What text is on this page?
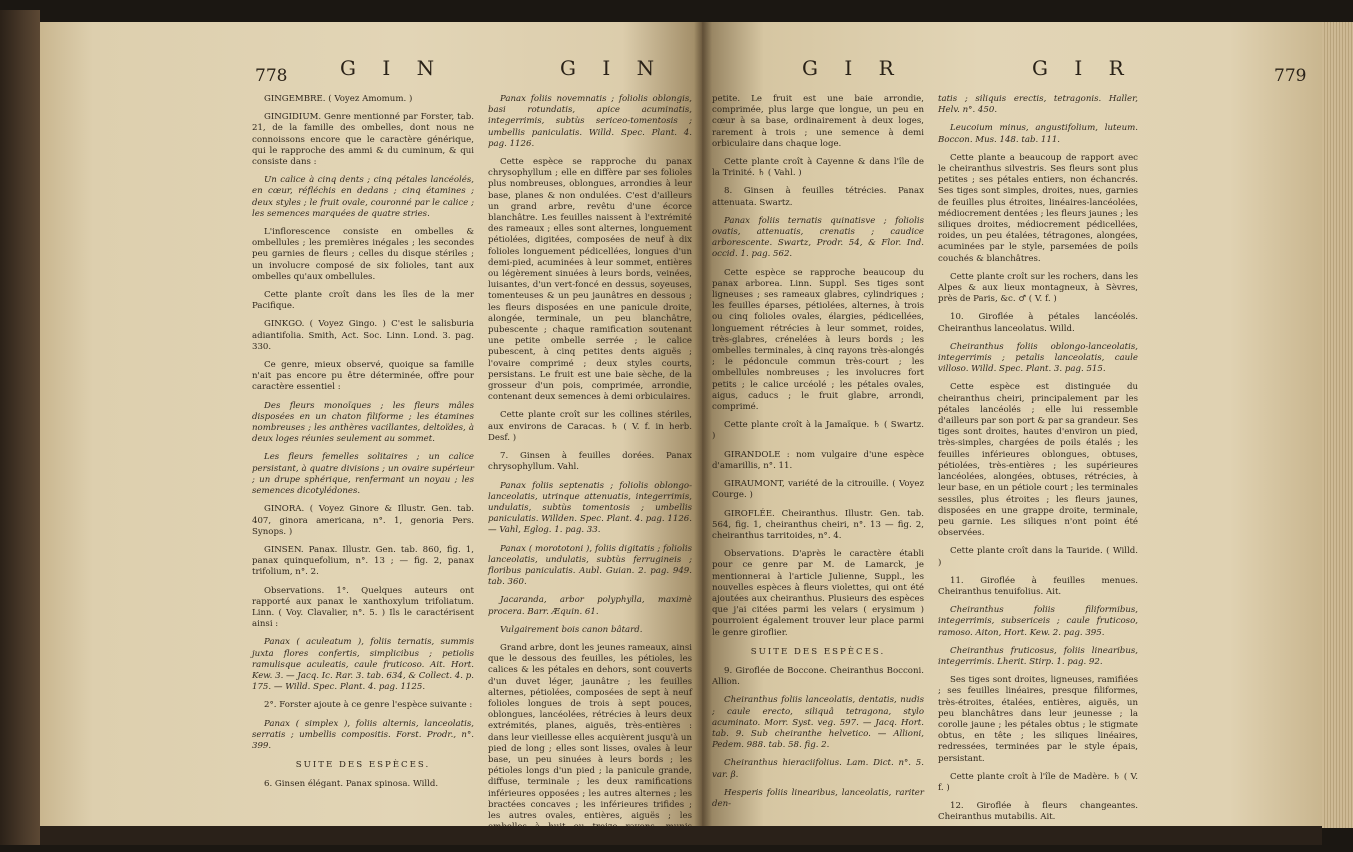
778	G I N	G I N

GINGEMBRE. ( Voyez Amomum. )

GINGIDIUM. Genre mentionné par Forster, tab. 21, de la famille des ombelles, dont nous ne connoissons encore que le caractère générique, qui le rapproche des ammi & du cuminum, & qui consiste dans :

Un calice à cinq dents ; cinq pétales lancéolés, en cœur, réfléchis en dedans ; cinq étamines ; deux styles ; le fruit ovale, couronné par le calice ; les semences marquées de quatre stries.

L'inflorescence consiste en ombelles & ombellules ; les premières inégales ; les secondes peu garnies de fleurs ; celles du disque stériles ; un involucre composé de six folioles, tant aux ombelles qu'aux ombellules.

Cette plante croît dans les îles de la mer Pacifique.

GINKGO. ( Voyez Gingo. ) C'est le salisburia adiantifolia. Smith, Act. Soc. Linn. Lond. 3. pag. 330.

Ce genre, mieux observé, quoique sa famille n'ait pas encore pu être déterminée, offre pour caractère essentiel :

Des fleurs monoïques ; les fleurs mâles disposées en un chaton filiforme ; les étamines nombreuses ; les anthères vacillantes, deltoïdes, à deux loges réunies seulement au sommet.

Les fleurs femelles solitaires ; un calice persistant, à quatre divisions ; un ovaire supérieur ; un drupe sphérique, renfermant un noyau ; les semences dicotylédones.

GINORA. ( Voyez Ginore & Illustr. Gen. tab. 407, ginora americana, n°. 1, genoria Pers. Synops. )

GINSEN. Panax. Illustr. Gen. tab. 860, fig. 1, panax quinquefolium, n°. 13 ; — fig. 2, panax trifolium, n°. 2.

Observations. 1°. Quelques auteurs ont rapporté aux panax le xanthoxylum trifoliatum. Linn. ( Voy. Clavalier, n°. 5. ) Ils le caractérisent ainsi :

Panax ( aculeatum ), foliis ternatis, summis juxta flores confertis, simplicibus ; petiolis ramulisque aculeatis, caule fruticoso. Ait. Hort. Kew. 3. — Jacq. Ic. Rar. 3. tab. 634, & Collect. 4. p. 175. — Willd. Spec. Plant. 4. pag. 1125.

2°. Forster ajoute à ce genre l'espèce suivante :

Panax ( simplex ), foliis alternis, lanceolatis, serratis ; umbellis compositis. Forst. Prodr., n°. 399.

SUITE DES ESPÈCES.

6. Ginsen élégant. Panax spinosa. Willd.

Panax foliis novemnatis ; foliolis oblongis, basi rotundatis, apice acuminatis, integerrimis, subtùs sericeo-tomentosis ; umbellis paniculatis. Willd. Spec. Plant. 4. pag. 1126.

Cette espèce se rapproche du panax chrysophyllum ; elle en diffère par ses folioles plus nombreuses, oblongues, arrondies à leur base, planes & non ondulées. C'est d'ailleurs un grand arbre, revêtu d'une écorce blanchâtre. Les feuilles naissent à l'extrémité des rameaux ; elles sont alternes, longuement pétiolées, digitées, composées de neuf à dix folioles longuement pédicellées, longues d'un demi-pied, acuminées à leur sommet, entières ou légèrement sinuées à leurs bords, veinées, luisantes, d'un vert-foncé en dessus, soyeuses, tomenteuses & un peu jaunâtres en dessous ; les fleurs disposées en une panicule droite, alongée, terminale, un peu blanchâtre, pubescente ; chaque ramification soutenant une petite ombelle serrée ; le calice pubescent, à cinq petites dents aiguës ; l'ovaire comprimé ; deux styles courts, persistans. Le fruit est une baie sèche, de la grosseur d'un pois, comprimée, arrondie, contenant deux semences à demi orbiculaires.

Cette plante croît sur les collines stériles, aux environs de Caracas. ♄ ( V. f. in herb. Desf. )

7. Ginsen à feuilles dorées. Panax chrysophyllum. Vahl.

Panax foliis septenatis ; foliolis oblongo-lanceolatis, utrinque attenuatis, integerrimis, undulatis, subtùs tomentosis ; umbellis paniculatis. Willden. Spec. Plant. 4. pag. 1126. — Vahl, Eglog. 1. pag. 33.

Panax ( morototoni ), foliis digitatis ; foliolis lanceolatis, undulatis, subtùs ferrugineis ; floribus paniculatis. Aubl. Guian. 2. pag. 949. tab. 360.

Jacaranda, arbor polyphylla, maximè procera. Barr. Æquin. 61.

Vulgairement bois canon bâtard.

Grand arbre, dont les jeunes rameaux, ainsi que le dessous des feuilles, les pétioles, les calices & les pétales en dehors, sont couverts d'un duvet léger, jaunâtre ; les feuilles alternes, pétiolées, composées de sept à neuf folioles longues de trois à sept pouces, oblongues, lancéolées, rétrécies à leurs deux extrémités, planes, aiguës, très-entières : dans leur vieillesse elles acquièrent jusqu'à un pied de long ; elles sont lisses, ovales à leur base, un peu sinuées à leurs bords ; les pétioles longs d'un pied ; la panicule grande, diffuse, terminale ; les deux ramifications inférieures opposées ; les autres alternes ; les bractées concaves ; les inférieures trifides ; les autres ovales, entières, aiguës ; les

G I R	G I R	779

petite. Le fruit est une baie arrondie, comprimée, plus large que longue, un peu en cœur à sa base, ordinairement à deux loges, rarement à trois ; une semence à demi orbiculaire dans chaque loge.

Cette plante croît à Cayenne & dans l'île de la Trinité. ♄ ( Vahl. )

8. Ginsen à feuilles tétrécies. Panax attenuata. Swartz.

Panax foliis ternatis quinatisve ; foliolis ovatis, attenuatis, crenatis ; caudice arborescente. Swartz, Prodr. 54, & Flor. Ind. occid. 1. pag. 562.

Cette espèce se rapproche beaucoup du panax arborea. Linn. Suppl. Ses tiges sont ligneuses ; ses rameaux glabres, cylindriques ; les feuilles éparses, pétiolées, alternes, à trois ou cinq folioles ovales, élargies, pédicellées, longuement rétrécies à leur sommet, roides, très-glabres, crénelées à leurs bords ; les ombelles terminales, à cinq rayons très-alongés ; le pédoncule commun très-court ; les ombellules nombreuses ; les involucres fort petits ; le calice urcéolé ; les pétales ovales, aigus, caducs ; le fruit glabre, arrondi, comprimé.

Cette plante croît à la Jamaïque. ♄ ( Swartz. )

GIRANDOLE : nom vulgaire d'une espèce d'amarillis, n°. 11.

GIRAUMONT, variété de la citrouille. ( Voyez Courge. )

GIROFLÉE. Cheiranthus. Illustr. Gen. tab. 564, fig. 1, cheiranthus cheiri, n°. 13 — fig. 2, cheiranthus tarritoides, n°. 4.

Observations. D'après le caractère établi pour ce genre par M. de Lamarck, je mentionnerai à l'article Julienne, Suppl., les nouvelles espèces à fleurs violettes, qui ont été ajoutées aux cheiranthus. Plusieurs des espèces que j'ai citées parmi les velars ( erysimum ) pourroient également trouver leur place parmi le genre giroflier.

SUITE DES ESPÈCES.

9. Giroflée de Boccone. Cheiranthus Bocconi. Allion.

Cheiranthus foliis lanceolatis, dentatis, nudis ; caule erecto, siliquâ tetragona, stylo acuminato. Morr. Syst. veg. 597. — Jacq. Hort. tab. 9. Sub cheiranthe helvetico. — Allioni, Pedem. 988. tab. 58. fig. 2.

Cheiranthus hieraciifolius. Lam. Dict. n°. 5. var. β.

Hesperis foliis linearibus, lanceolatis, rariter den-

tatis ; siliquis erectis, tetragonis. Haller, Helv. n°. 450.

Leucoium minus, angustifolium, luteum. Boccon. Mus. 148. tab. 111.

Cette plante a beaucoup de rapport avec le cheiranthus silvestris. Ses fleurs sont plus petites ; ses pétales entiers, non échancrés. Ses tiges sont simples, droites, nues, garnies de feuilles plus étroites, linéaires-lancéolées, médiocrement dentées ; les fleurs jaunes ; les siliques droites, médiocrement pédicellées, roides, un peu étalées, tétragones, alongées, acuminées par le style, parsemées de poils couchés & blanchâtres.

Cette plante croît sur les rochers, dans les Alpes & aux lieux montagneux, à Sèvres, près de Paris, &c. ♂ ( V. f. )

10. Giroflée à pétales lancéolés. Cheiranthus lanceolatus. Willd.

Cheiranthus foliis oblongo-lanceolatis, integerrimis ; petalis lanceolatis, caule villoso. Willd. Spec. Plant. 3. pag. 515.

Cette espèce est distinguée du cheiranthus cheiri, principalement par les pétales lancéolés ; elle lui ressemble d'ailleurs par son port & par sa grandeur. Ses tiges sont droites, hautes d'environ un pied, très-simples, chargées de poils étalés ; les feuilles inférieures oblongues, obtuses, pétiolées, très-entières ; les supérieures lancéolées, alongées, obtuses, rétrécies, à leur base, en un pétiole court ; les terminales sessiles, plus étroites ; les fleurs jaunes, disposées en une grappe droite, terminale, peu garnie. Les siliques n'ont point été observées.

Cette plante croît dans la Tauride. ( Willd. )

11. Giroflée à feuilles menues. Cheiranthus tenuifolius. Ait.

Cheiranthus foliis filiformibus, integerrimis, subsericeis ; caule fruticoso, ramoso. Aiton, Hort. Kew. 2. pag. 395.

Cheiranthus fruticosus, foliis linearibus, integerrimis. Lherit. Stirp. 1. pag. 92.

Ses tiges sont droites, ligneuses, ramifiées ; ses feuilles linéaires, presque filiformes, très-étroites, étalées, entières, aiguës, un peu blanchâtres dans leur jeunesse ; la corolle jaune ; les pétales obtus ; le stigmate obtus, en tête ; les siliques linéaires, redressées, terminées par le style épais, persistant.

Cette plante croît à l'île de Madère. ♄ ( V. f. )

12. Giroflée à fleurs changeantes. Cheiranthus mutabilis. Ait.
